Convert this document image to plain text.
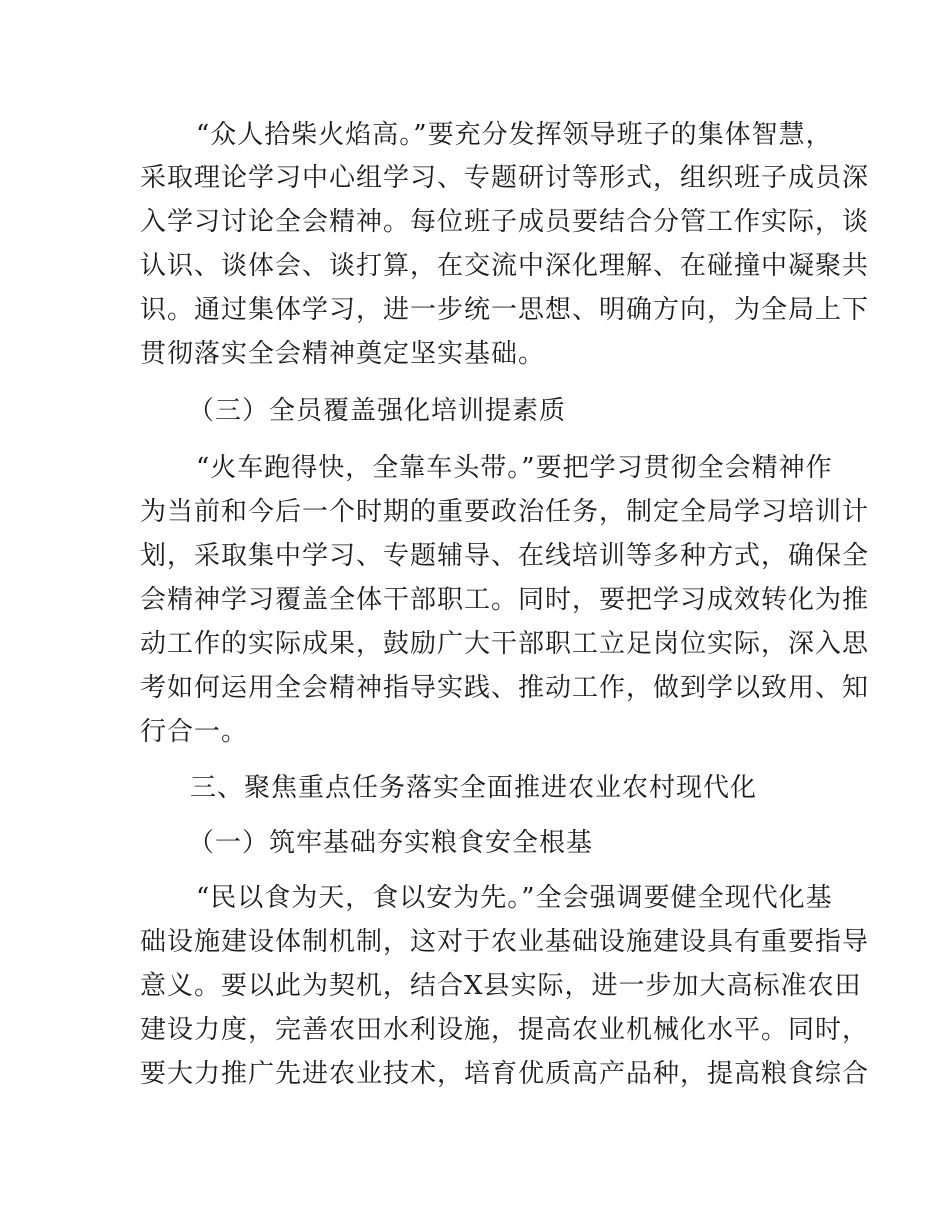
“众人拾柴火焰高。”要充分发挥领导班子的集体智慧，
采取理论学习中心组学习、专题研讨等形式，组织班子成员深
入学习讨论全会精神。每位班子成员要结合分管工作实际，谈
认识、谈体会、谈打算，在交流中深化理解、在碰撞中凝聚共
识。通过集体学习，进一步统一思想、明确方向，为全局上下
贯彻落实全会精神奠定坚实基础。
（三）全员覆盖强化培训提素质
“火车跑得快，全靠车头带。”要把学习贯彻全会精神作
为当前和今后一个时期的重要政治任务，制定全局学习培训计
划，采取集中学习、专题辅导、在线培训等多种方式，确保全
会精神学习覆盖全体干部职工。同时，要把学习成效转化为推
动工作的实际成果，鼓励广大干部职工立足岗位实际，深入思
考如何运用全会精神指导实践、推动工作，做到学以致用、知
行合一。
三、聚焦重点任务落实全面推进农业农村现代化
（一）筑牢基础夯实粮食安全根基
“民以食为天，食以安为先。”全会强调要健全现代化基
础设施建设体制机制，这对于农业基础设施建设具有重要指导
意义。要以此为契机，结合X县实际，进一步加大高标准农田
建设力度，完善农田水利设施，提高农业机械化水平。同时，
要大力推广先进农业技术，培育优质高产品种，提高粮食综合
